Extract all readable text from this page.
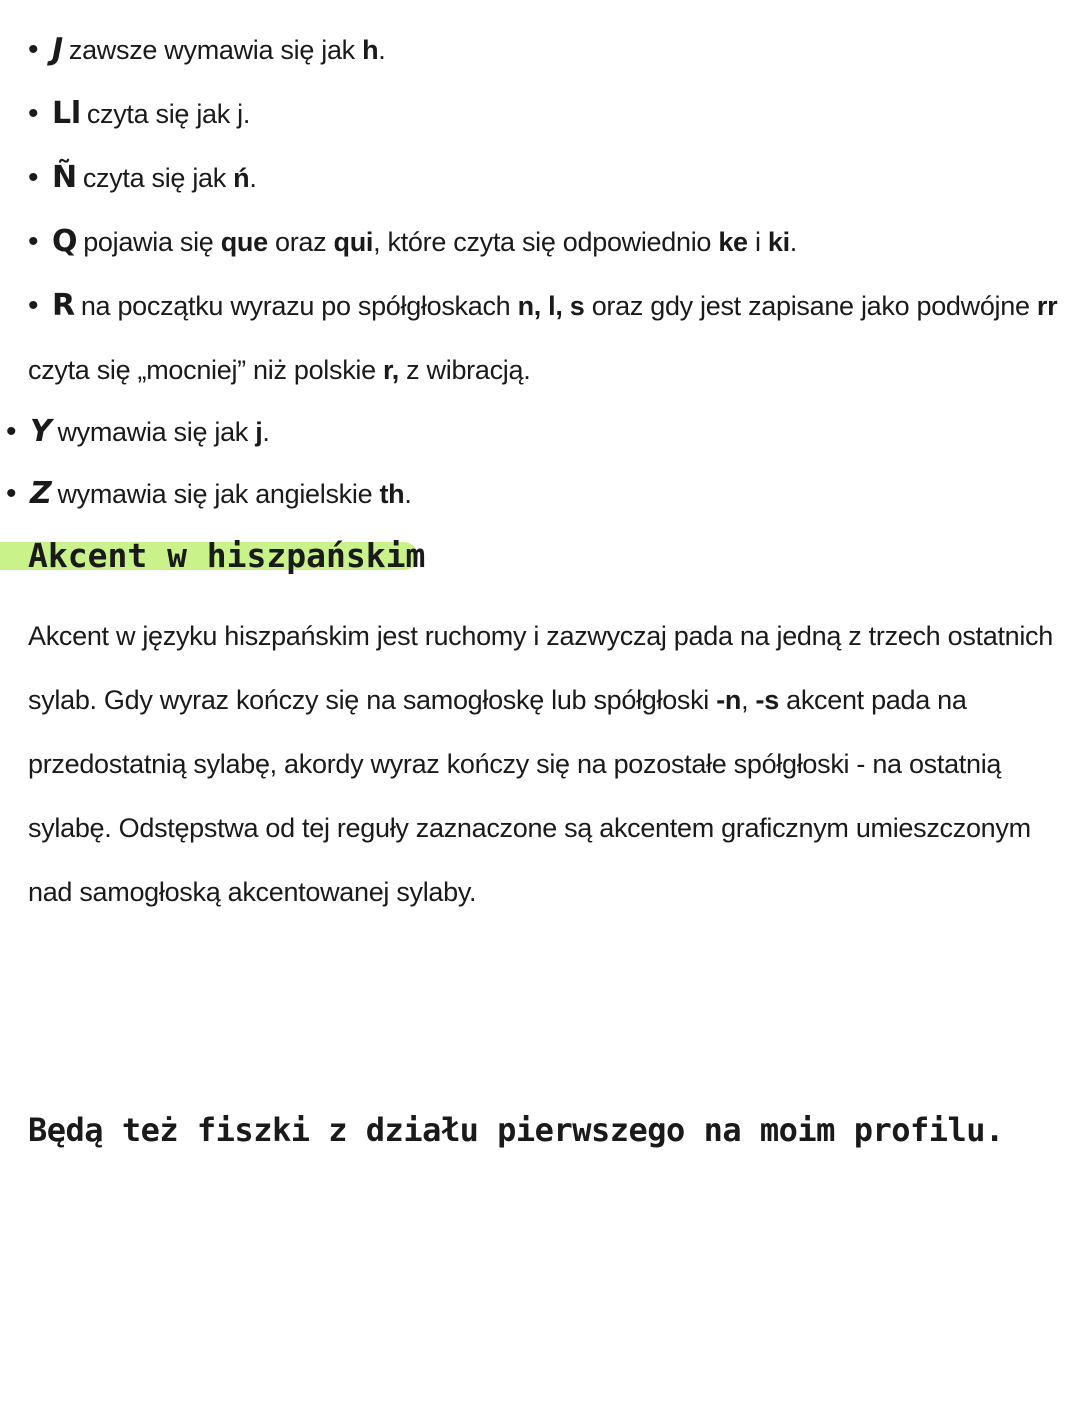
• J zawsze wymawia się jak h.
• Ll czyta się jak j.
• Ñ czyta się jak ń.
• Q pojawia się que oraz qui, które czyta się odpowiednio ke i ki.
• R na początku wyrazu po spółgłoskach n, l, s oraz gdy jest zapisane jako podwójne rr
czyta się „mocniej” niż polskie r, z wibracją.
• Y wymawia się jak j.
• Z wymawia się jak angielskie th.
Akcent w hiszpańskim
Akcent w języku hiszpańskim jest ruchomy i zazwyczaj pada na jedną z trzech ostatnich sylab. Gdy wyraz kończy się na samogłoskę lub spółgłoski -n, -s akcent pada na przedostatnią sylabę, akordy wyraz kończy się na pozostałe spółgłoski - na ostatnią sylabę. Odstępstwa od tej reguły zaznaczone są akcentem graficznym umieszczonym nad samogłoską akcentowanej sylaby.
Będą też fiszki z działu pierwszego na moim profilu.
